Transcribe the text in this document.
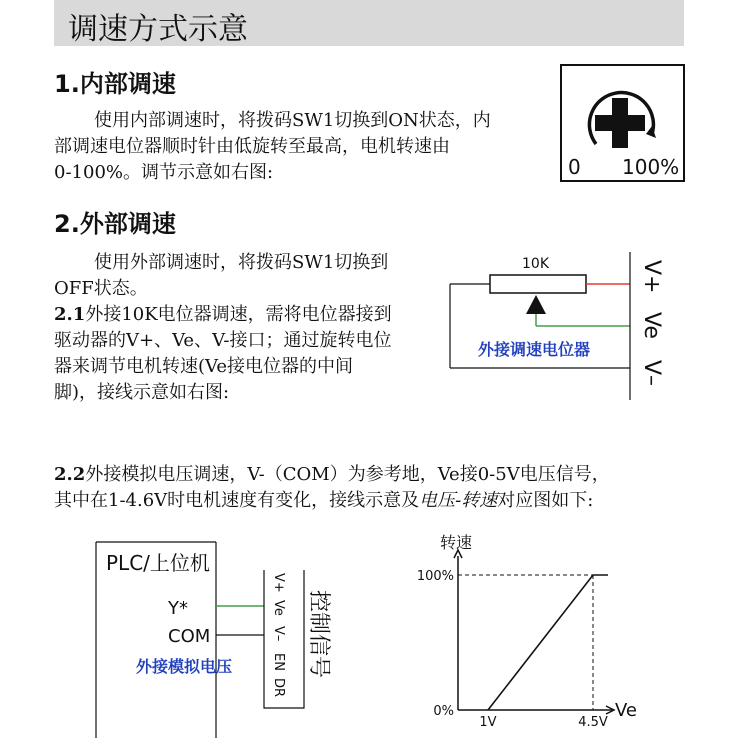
调速方式示意
1.内部调速
使用内部调速时，将拨码SW1切换到ON状态，内
部调速电位器顺时针由低旋转至最高，电机转速由
0-100%。调节示意如右图:	0 100%
2.外部调速
使用外部调速时，将拨码SW1切换到
OFF状态。
2.1外接10K电位器调速，需将电位器接到
驱动器的V+、Ve、V-接口；通过旋转电位
器来调节电机转速(Ve接电位器的中间
脚)，接线示意如右图:
10K
外接调速电位器
V+
Ve
V–
2.2外接模拟电压调速，V-（COM）为参考地，Ve接0-5V电压信号，
其中在1-4.6V时电机速度有变化，接线示意及电压-转速对应图如下:
PLC/上位机
Y*
COM
外接模拟电压
V+
Ve
V–
EN
DR
控制信号
转速
0%
100%
1V	4.5V
Ve
